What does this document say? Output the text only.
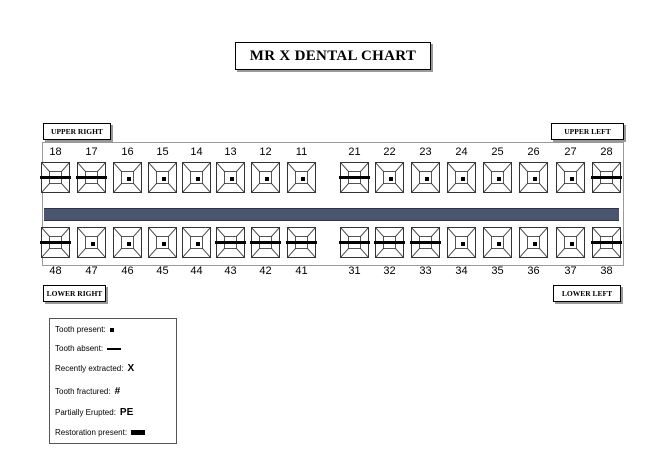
MR X DENTAL CHART
UPPER RIGHT	UPPER LEFT
18	17	16	15	14	13	12	11	21	22	23	24	25	26	27	28
48	47	46	45	44	43	42	41	31	32	33	34	35	36	37	38
LOWER RIGHT	LOWER LEFT
Tooth present:
Tooth absent:
Recently extracted: X
Tooth fractured: #
Partially Erupted: PE
Restoration present:
